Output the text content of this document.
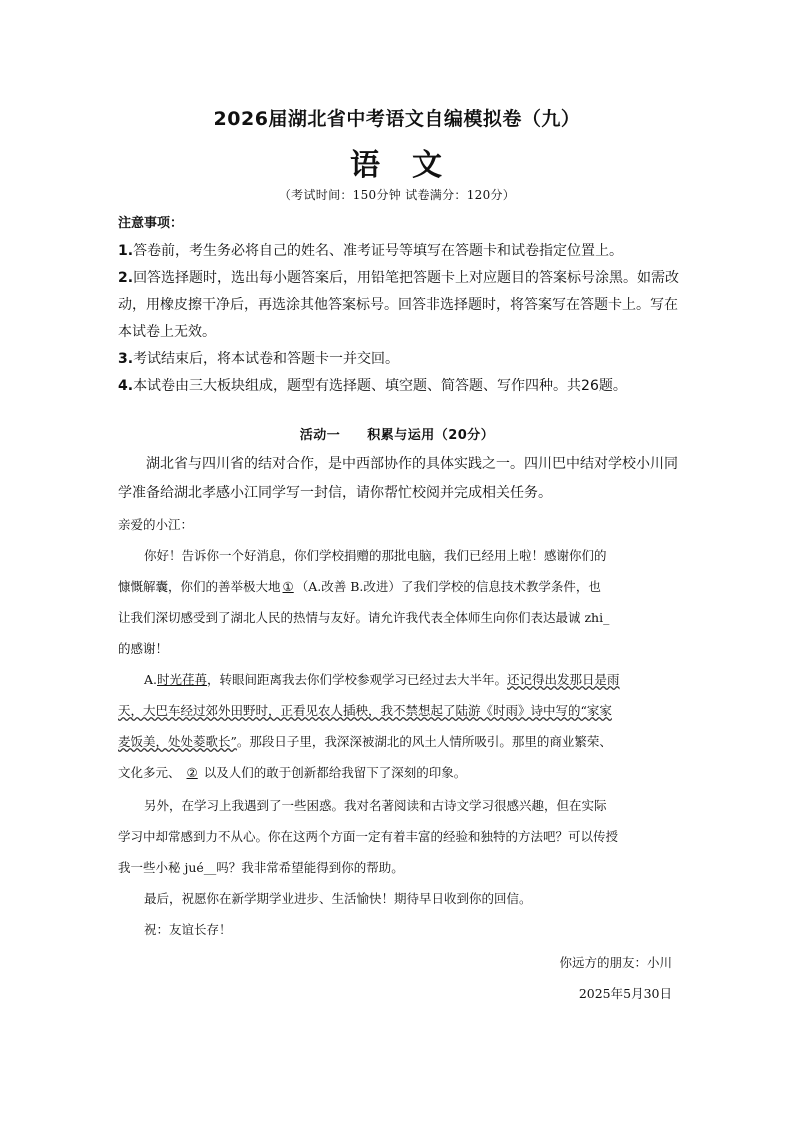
2026届湖北省中考语文自编模拟卷（九）
语 文
（考试时间：150分钟 试卷满分：120分）
注意事项：
1.答卷前，考生务必将自己的姓名、准考证号等填写在答题卡和试卷指定位置上。
2.回答选择题时，选出每小题答案后，用铅笔把答题卡上对应题目的答案标号涂黑。如需改
动，用橡皮擦干净后，再选涂其他答案标号。回答非选择题时，将答案写在答题卡上。写在
本试卷上无效。
3.考试结束后，将本试卷和答题卡一并交回。
4.本试卷由三大板块组成，题型有选择题、填空题、简答题、写作四种。共26题。
活动一　　积累与运用（20分）
湖北省与四川省的结对合作，是中西部协作的具体实践之一。四川巴中结对学校小川同
学准备给湖北孝感小江同学写一封信，请你帮忙校阅并完成相关任务。
亲爱的小江：
你好！告诉你一个好消息，你们学校捐赠的那批电脑，我们已经用上啦！感谢你们的
慷慨解囊，你们的善举极大地 ① （A.改善 B.改进）了我们学校的信息技术教学条件，也
让我们深切感受到了湖北人民的热情与友好。请允许我代表全体师生向你们表达最诚 zhi_
的感谢！
A.时光荏苒，转眼间距离我去你们学校参观学习已经过去大半年。还记得出发那日是雨
天，大巴车经过郊外田野时，正看见农人插秧，我不禁想起了陆游《时雨》诗中写的“家家
麦饭美，处处菱歌长”。那段日子里，我深深被湖北的风土人情所吸引。那里的商业繁荣、
文化多元、 ② 以及人们的敢于创新都给我留下了深刻的印象。
另外，在学习上我遇到了一些困惑。我对名著阅读和古诗文学习很感兴趣，但在实际
学习中却常感到力不从心。你在这两个方面一定有着丰富的经验和独特的方法吧？可以传授
我一些小秘 jué__吗？我非常希望能得到你的帮助。
最后，祝愿你在新学期学业进步、生活愉快！期待早日收到你的回信。
祝：友谊长存！
你远方的朋友：小川
2025年5月30日
